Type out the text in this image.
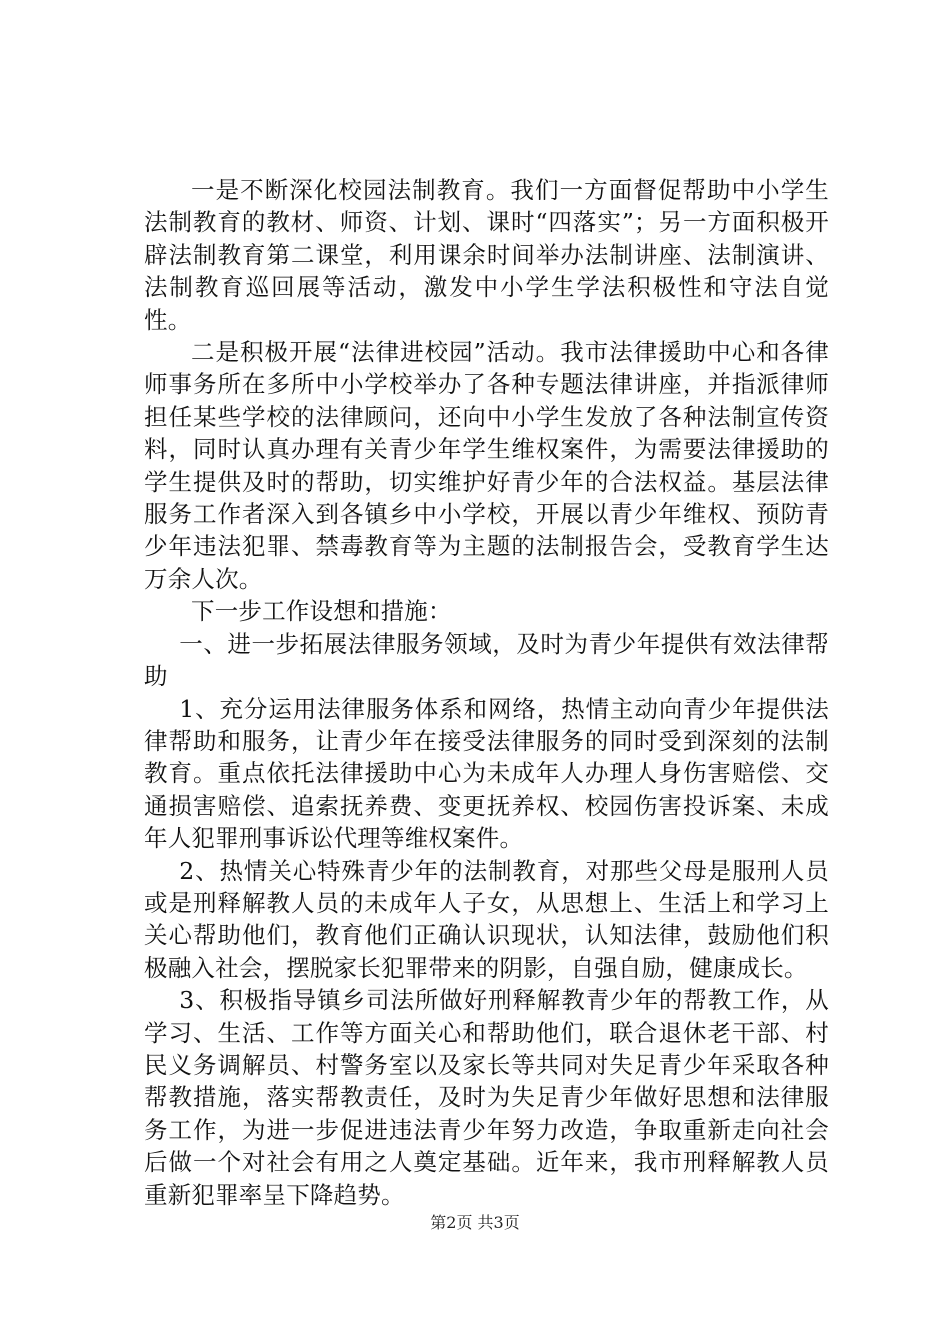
一是不断深化校园法制教育。我们一方面督促帮助中小学生法制教育的教材、师资、计划、课时“四落实”；另一方面积极开辟法制教育第二课堂，利用课余时间举办法制讲座、法制演讲、法制教育巡回展等活动，激发中小学生学法积极性和守法自觉性。

二是积极开展“法律进校园”活动。我市法律援助中心和各律师事务所在多所中小学校举办了各种专题法律讲座，并指派律师担任某些学校的法律顾问，还向中小学生发放了各种法制宣传资料，同时认真办理有关青少年学生维权案件，为需要法律援助的学生提供及时的帮助，切实维护好青少年的合法权益。基层法律服务工作者深入到各镇乡中小学校，开展以青少年维权、预防青少年违法犯罪、禁毒教育等为主题的法制报告会，受教育学生达万余人次。

下一步工作设想和措施：

一、进一步拓展法律服务领域，及时为青少年提供有效法律帮助

1、充分运用法律服务体系和网络，热情主动向青少年提供法律帮助和服务，让青少年在接受法律服务的同时受到深刻的法制教育。重点依托法律援助中心为未成年人办理人身伤害赔偿、交通损害赔偿、追索抚养费、变更抚养权、校园伤害投诉案、未成年人犯罪刑事诉讼代理等维权案件。

2、热情关心特殊青少年的法制教育，对那些父母是服刑人员或是刑释解教人员的未成年人子女，从思想上、生活上和学习上关心帮助他们，教育他们正确认识现状，认知法律，鼓励他们积极融入社会，摆脱家长犯罪带来的阴影，自强自励，健康成长。

3、积极指导镇乡司法所做好刑释解教青少年的帮教工作，从学习、生活、工作等方面关心和帮助他们，联合退休老干部、村民义务调解员、村警务室以及家长等共同对失足青少年采取各种帮教措施，落实帮教责任，及时为失足青少年做好思想和法律服务工作，为进一步促进违法青少年努力改造，争取重新走向社会后做一个对社会有用之人奠定基础。近年来，我市刑释解教人员重新犯罪率呈下降趋势。

第2页 共3页
